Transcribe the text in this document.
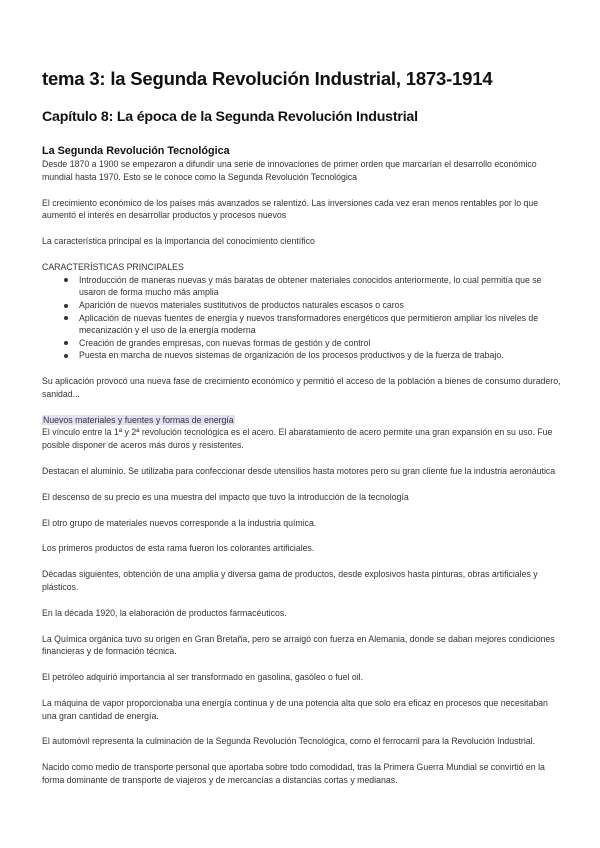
tema 3: la Segunda Revolución Industrial, 1873-1914
Capítulo 8: La época de la Segunda Revolución Industrial
La Segunda Revolución Tecnológica

Desde 1870 a 1900 se empezaron a difundir una serie de innovaciones de primer orden que marcarían el desarrollo económico mundial hasta 1970. Esto se le conoce como la Segunda Revolución Tecnológica

El crecimiento económico de los países más avanzados se ralentizó. Las inversiones cada vez eran menos rentables por lo que aumentó el interés en desarrollar productos y procesos nuevos

La característica principal es la importancia del conocimiento científico

CARACTERÍSTICAS PRINCIPALES

Introducción de maneras nuevas y más baratas de obtener materiales conocidos anteriormente, lo cual permitía que se usaron de forma mucho más amplia
Aparición de nuevos materiales sustitutivos de productos naturales escasos o caros
Aplicación de nuevas fuentes de energía y nuevos transformadores energéticos que permitieron ampliar los niveles de mecanización y el uso de la energía moderna
Creación de grandes empresas, con nuevas formas de gestión y de control
Puesta en marcha de nuevos sistemas de organización de los procesos productivos y de la fuerza de trabajo.

Su aplicación provocó una nueva fase de crecimiento económico y permitió el acceso de la población a bienes de consumo duradero, sanidad...

Nuevos materiales y fuentes y formas de energía

El vínculo entre la 1ª y 2ª revolución tecnológica es el acero. El abaratamiento de acero permite una gran expansión en su uso. Fue posible disponer de aceros más duros y resistentes.

Destacan el aluminio. Se utilizaba para confeccionar desde utensilios hasta motores pero su gran cliente fue la industria aeronáutica

El descenso de su precio es una muestra del impacto que tuvo la introducción de la tecnología

El otro grupo de materiales nuevos corresponde a la industria química.

Los primeros productos de esta rama fueron los colorantes artificiales.

Décadas siguientes, obtención de una amplia y diversa gama de productos, desde explosivos hasta pinturas, obras artificiales y plásticos.

En la década 1920, la elaboración de productos farmacéuticos.

La Química orgánica tuvo su origen en Gran Bretaña, pero se arraigó con fuerza en Alemania, donde se daban mejores condiciones financieras y de formación técnica.

El petróleo adquirió importancia al ser transformado en gasolina, gasóleo o fuel oil.

La máquina de vapor proporcionaba una energía continua y de una potencia alta que solo era eficaz en procesos que necesitaban una gran cantidad de energía.

El automóvil representa la culminación de la Segunda Revolución Tecnológica, como el ferrocarril para la Revolución Industrial.

Nacido como medio de transporte personal que aportaba sobre todo comodidad, tras la Primera Guerra Mundial se convirtió en la forma dominante de transporte de viajeros y de mercancías a distancias cortas y medianas.
